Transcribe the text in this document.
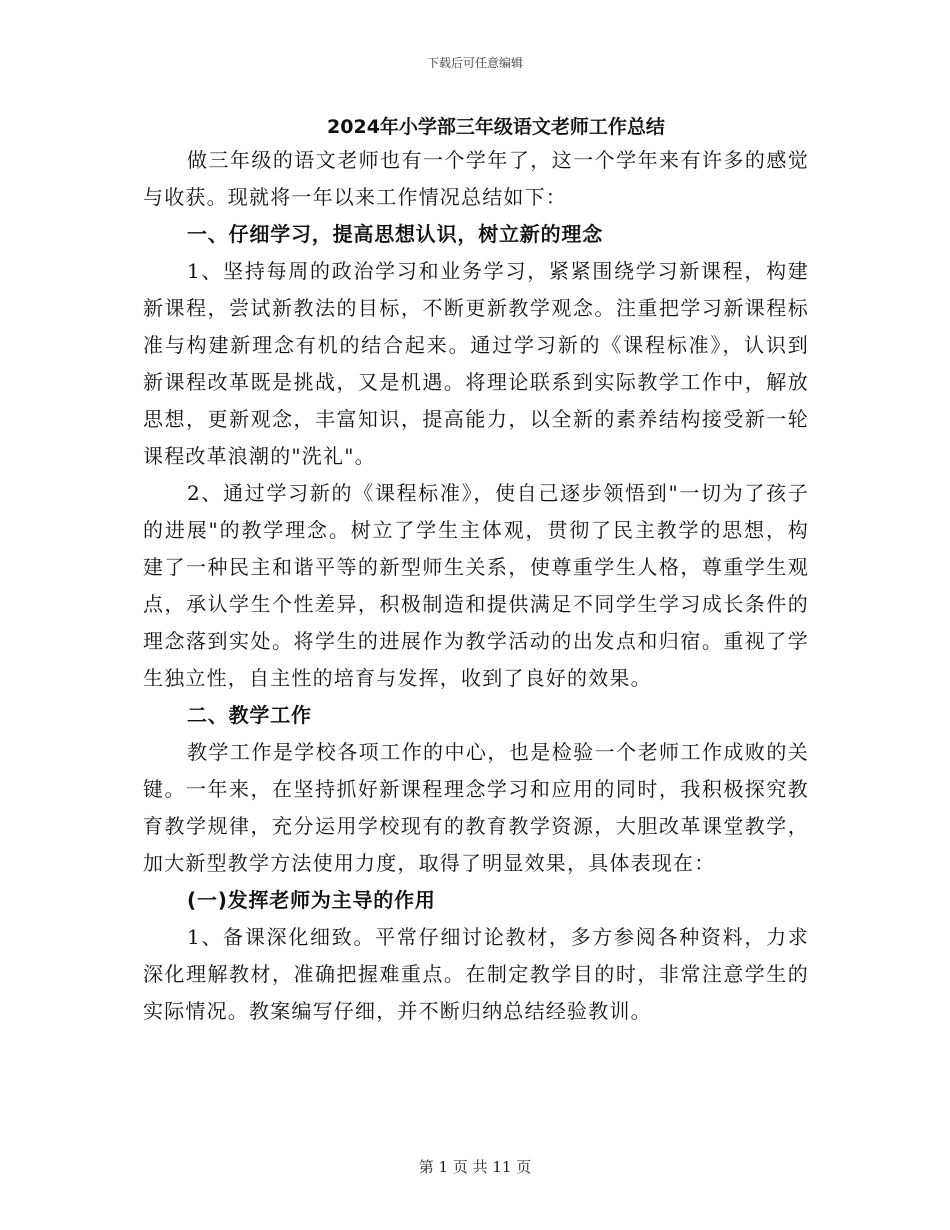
下载后可任意编辑

2024年小学部三年级语文老师工作总结

做三年级的语文老师也有一个学年了，这一个学年来有许多的感觉与收获。现就将一年以来工作情况总结如下：

一、仔细学习，提高思想认识，树立新的理念

1、坚持每周的政治学习和业务学习，紧紧围绕学习新课程，构建新课程，尝试新教法的目标，不断更新教学观念。注重把学习新课程标准与构建新理念有机的结合起来。通过学习新的《课程标准》，认识到新课程改革既是挑战，又是机遇。将理论联系到实际教学工作中，解放思想，更新观念，丰富知识，提高能力，以全新的素养结构接受新一轮课程改革浪潮的"洗礼"。

2、通过学习新的《课程标准》，使自己逐步领悟到"一切为了孩子的进展"的教学理念。树立了学生主体观，贯彻了民主教学的思想，构建了一种民主和谐平等的新型师生关系，使尊重学生人格，尊重学生观点，承认学生个性差异，积极制造和提供满足不同学生学习成长条件的理念落到实处。将学生的进展作为教学活动的出发点和归宿。重视了学生独立性，自主性的培育与发挥，收到了良好的效果。

二、教学工作

教学工作是学校各项工作的中心，也是检验一个老师工作成败的关键。一年来，在坚持抓好新课程理念学习和应用的同时，我积极探究教育教学规律，充分运用学校现有的教育教学资源，大胆改革课堂教学，加大新型教学方法使用力度，取得了明显效果，具体表现在：

(一)发挥老师为主导的作用

1、备课深化细致。平常仔细讨论教材，多方参阅各种资料，力求深化理解教材，准确把握难重点。在制定教学目的时，非常注意学生的实际情况。教案编写仔细，并不断归纳总结经验教训。

第 1 页 共 11 页
